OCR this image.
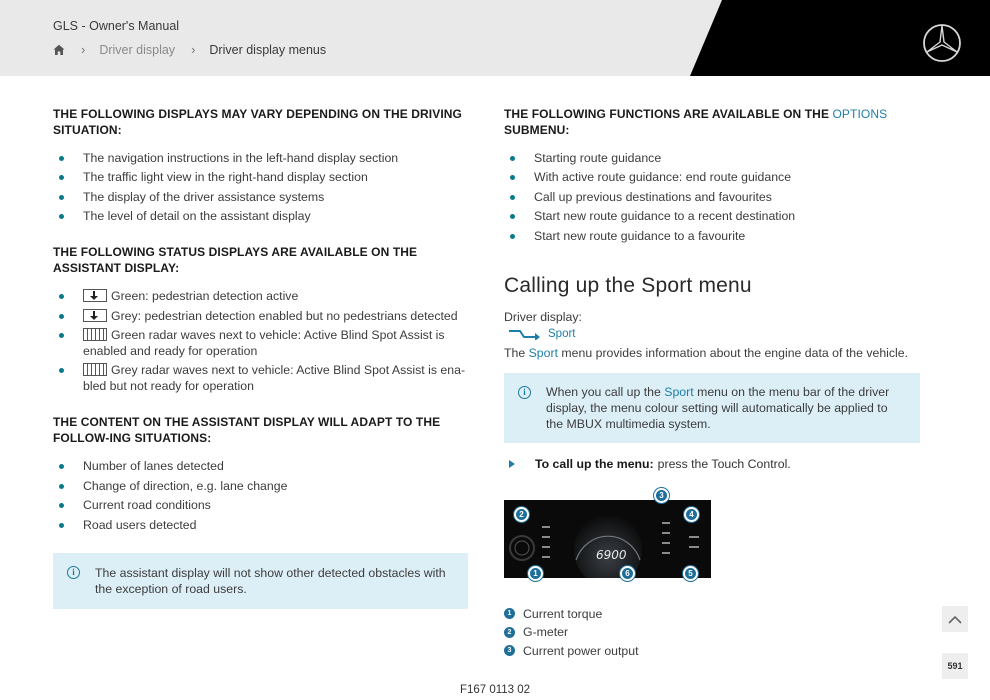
GLS - Owner's Manual
› Driver display › Driver display menus
THE FOLLOWING DISPLAYS MAY VARY DEPENDING ON THE DRIVING SITUATION:
The navigation instructions in the left-hand display section
The traffic light view in the right-hand display section
The display of the driver assistance systems
The level of detail on the assistant display
THE FOLLOWING STATUS DISPLAYS ARE AVAILABLE ON THE ASSISTANT DISPLAY:
Green: pedestrian detection active
Grey: pedestrian detection enabled but no pedestrians detected
Green radar waves next to vehicle: Active Blind Spot Assist is enabled and ready for operation
Grey radar waves next to vehicle: Active Blind Spot Assist is ena-bled but not ready for operation
THE CONTENT ON THE ASSISTANT DISPLAY WILL ADAPT TO THE FOLLOW-ING SITUATIONS:
Number of lanes detected
Change of direction, e.g. lane change
Current road conditions
Road users detected
i	The assistant display will not show other detected obstacles with the exception of road users.
THE FOLLOWING FUNCTIONS ARE AVAILABLE ON THE OPTIONS SUBMENU:
Starting route guidance
With active route guidance: end route guidance
Call up previous destinations and favourites
Start new route guidance to a recent destination
Start new route guidance to a favourite
Calling up the Sport menu
Driver display:
Sport
The Sport menu provides information about the engine data of the vehicle.
i	When you call up the Sport menu on the menu bar of the driver display, the menu colour setting will automatically be applied to the MBUX multimedia system.
To call up the menu: press the Touch Control.
6900
1
2
3
4
5
6
1 Current torque
2 G-meter
3 Current power output
F167 0113 02
591
